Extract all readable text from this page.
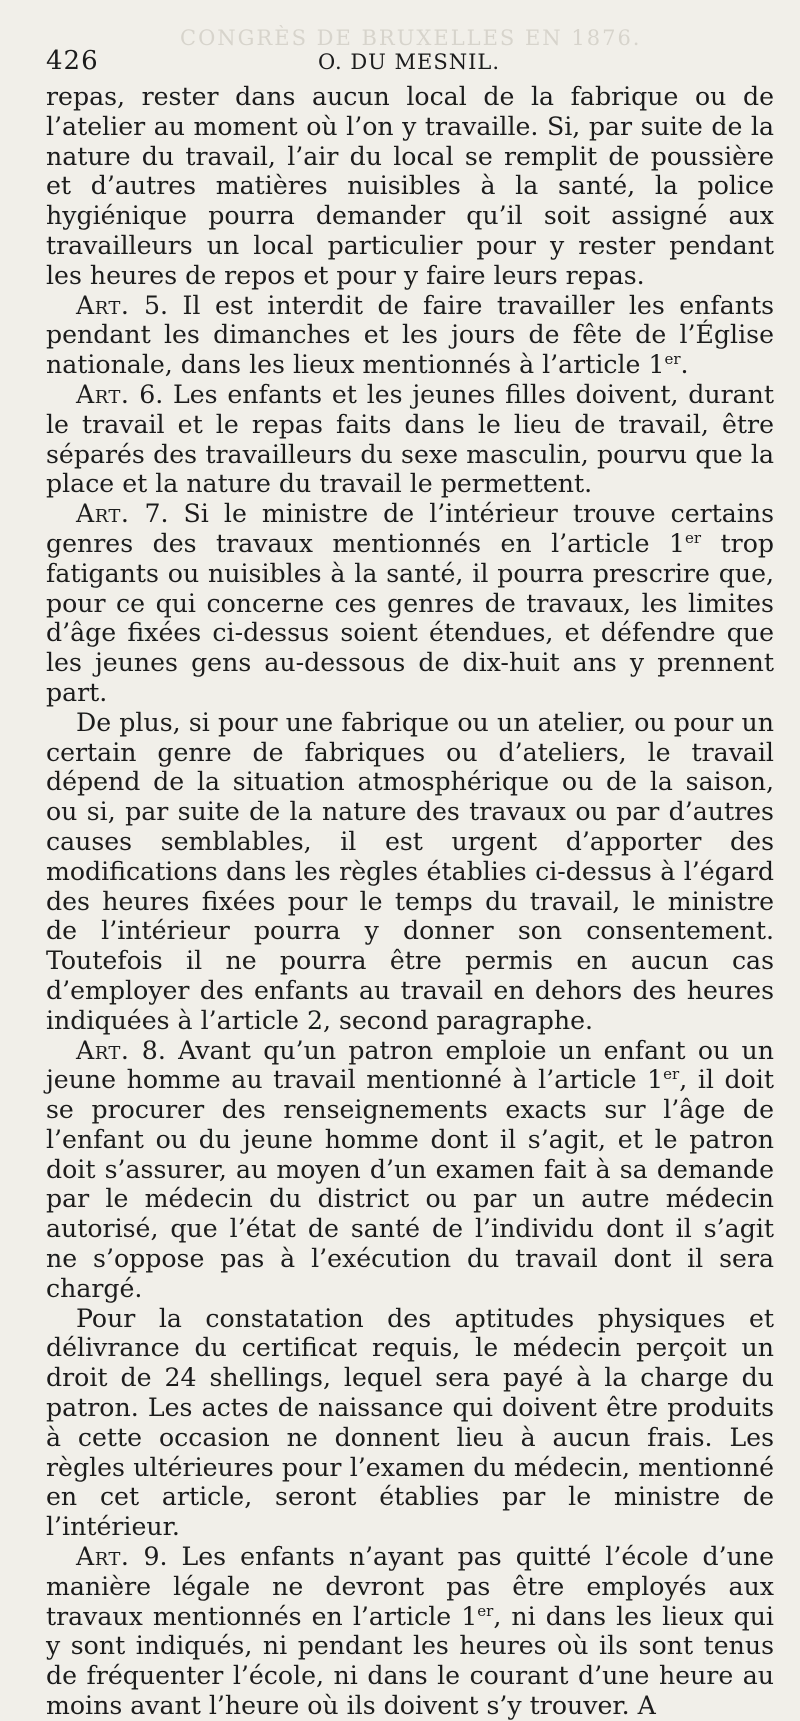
CONGRÈS DE BRUXELLES EN 1876.
426	O. DU MESNIL.

repas, rester dans aucun local de la fabrique ou de l’atelier au moment où l’on y travaille. Si, par suite de la nature du travail, l’air du local se remplit de poussière et d’autres matières nuisibles à la santé, la police hygiénique pourra demander qu’il soit assigné aux travailleurs un local particulier pour y rester pendant les heures de repos et pour y faire leurs repas.

Art. 5. Il est interdit de faire travailler les enfants pendant les dimanches et les jours de fête de l’Église nationale, dans les lieux mentionnés à l’article 1er.

Art. 6. Les enfants et les jeunes filles doivent, durant le travail et le repas faits dans le lieu de travail, être séparés des travailleurs du sexe masculin, pourvu que la place et la nature du travail le permettent.

Art. 7. Si le ministre de l’intérieur trouve certains genres des travaux mentionnés en l’article 1er trop fatigants ou nuisibles à la santé, il pourra prescrire que, pour ce qui concerne ces genres de travaux, les limites d’âge fixées ci-dessus soient étendues, et défendre que les jeunes gens au-dessous de dix-huit ans y prennent part.

De plus, si pour une fabrique ou un atelier, ou pour un certain genre de fabriques ou d’ateliers, le travail dépend de la situation atmosphérique ou de la saison, ou si, par suite de la nature des travaux ou par d’autres causes semblables, il est urgent d’apporter des modifications dans les règles établies ci-dessus à l’égard des heures fixées pour le temps du travail, le ministre de l’intérieur pourra y donner son consentement. Toutefois il ne pourra être permis en aucun cas d’employer des enfants au travail en dehors des heures indiquées à l’article 2, second paragraphe.

Art. 8. Avant qu’un patron emploie un enfant ou un jeune homme au travail mentionné à l’article 1er, il doit se procurer des renseignements exacts sur l’âge de l’enfant ou du jeune homme dont il s’agit, et le patron doit s’assurer, au moyen d’un examen fait à sa demande par le médecin du district ou par un autre médecin autorisé, que l’état de santé de l’individu dont il s’agit ne s’oppose pas à l’exécution du travail dont il sera chargé.

Pour la constatation des aptitudes physiques et délivrance du certificat requis, le médecin perçoit un droit de 24 shellings, lequel sera payé à la charge du patron. Les actes de naissance qui doivent être produits à cette occasion ne donnent lieu à aucun frais. Les règles ultérieures pour l’examen du médecin, mentionné en cet article, seront établies par le ministre de l’intérieur.

Art. 9. Les enfants n’ayant pas quitté l’école d’une manière légale ne devront pas être employés aux travaux mentionnés en l’article 1er, ni dans les lieux qui y sont indiqués, ni pendant les heures où ils sont tenus de fréquenter l’école, ni dans le courant d’une heure au moins avant l’heure où ils doivent s’y trouver. A
